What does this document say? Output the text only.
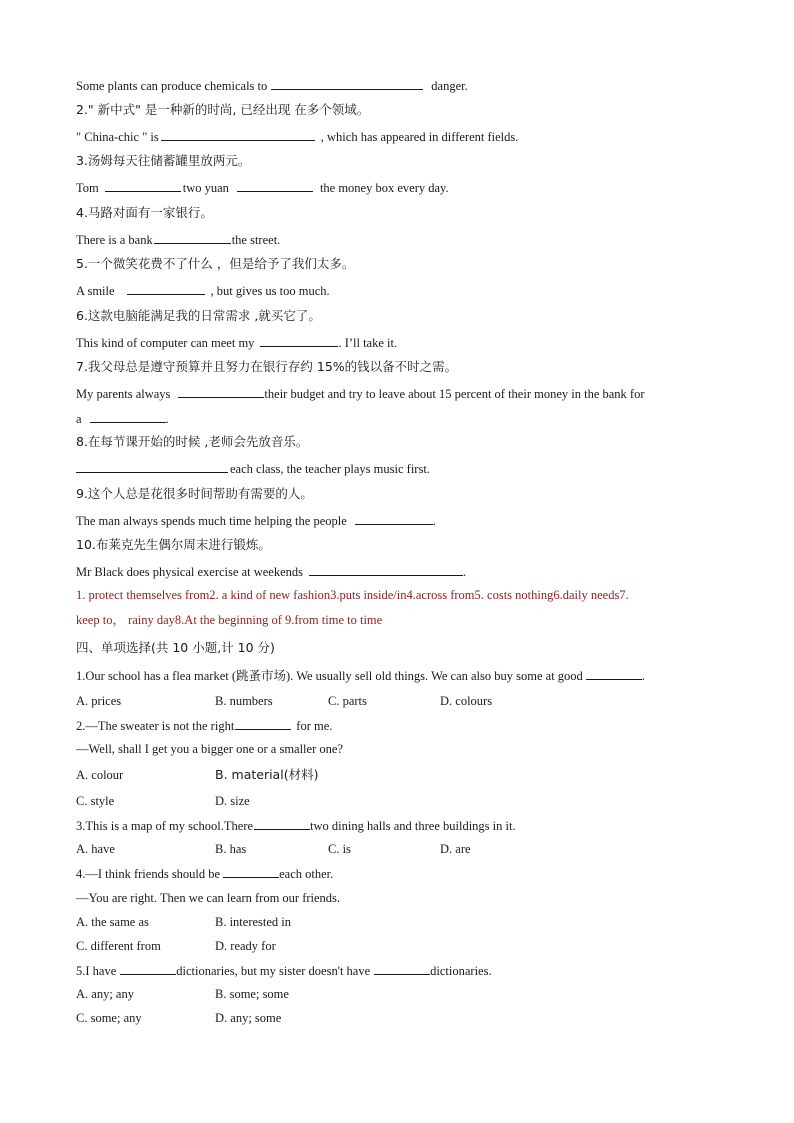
Some plants can produce chemicals to	danger.
2." 新中式" 是一种新的时尚, 已经出现 在多个领域。
" China-chic " is	, which has appeared in different fields.
3.汤姆每天往储蓄罐里放两元。
Tom	two yuan	the money box every day.
4.马路对面有一家银行。
There is a bank	the street.
5.一个微笑花费不了什么 ，但是给予了我们太多。
A smile	, but gives us too much.
6.这款电脑能满足我的日常需求 ,就买它了。
This kind of computer can meet my	. I’ll take it.
7.我父母总是遵守预算并且努力在银行存约 15%的钱以备不时之需。
My parents always	their budget and try to leave about 15 percent of their money in the bank for
a	.
8.在每节课开始的时候 ,老师会先放音乐。
each class, the teacher plays music first.
9.这个人总是花很多时间帮助有需要的人。
The man always spends much time helping the people	.
10.布莱克先生偶尔周末进行锻炼。
Mr Black does physical exercise at weekends	.
1. protect themselves from2. a kind of new fashion3.puts inside/in4.across from5. costs nothing6.daily needs7.
keep to， rainy day8.At the beginning of 9.from time to time
四、单项选择(共 10 小题,计 10 分)
1.Our school has a flea market (跳蚤市场). We usually sell old things. We can also buy some at good	.
A. prices	B. numbers	C. parts	D. colours
2.—The sweater is not the right	for me.
—Well, shall I get you a bigger one or a smaller one?
A. colour	B. material(材料)
C. style	D. size
3.This is a map of my school.There	two dining halls and three buildings in it.
A. have	B. has	C. is	D. are
4.—I think friends should be	each other.
—You are right. Then we can learn from our friends.
A. the same as	B. interested in
C. different from	D. ready for
5.I have	dictionaries, but my sister doesn't have	dictionaries.
A. any; any	B. some; some
C. some; any	D. any; some
